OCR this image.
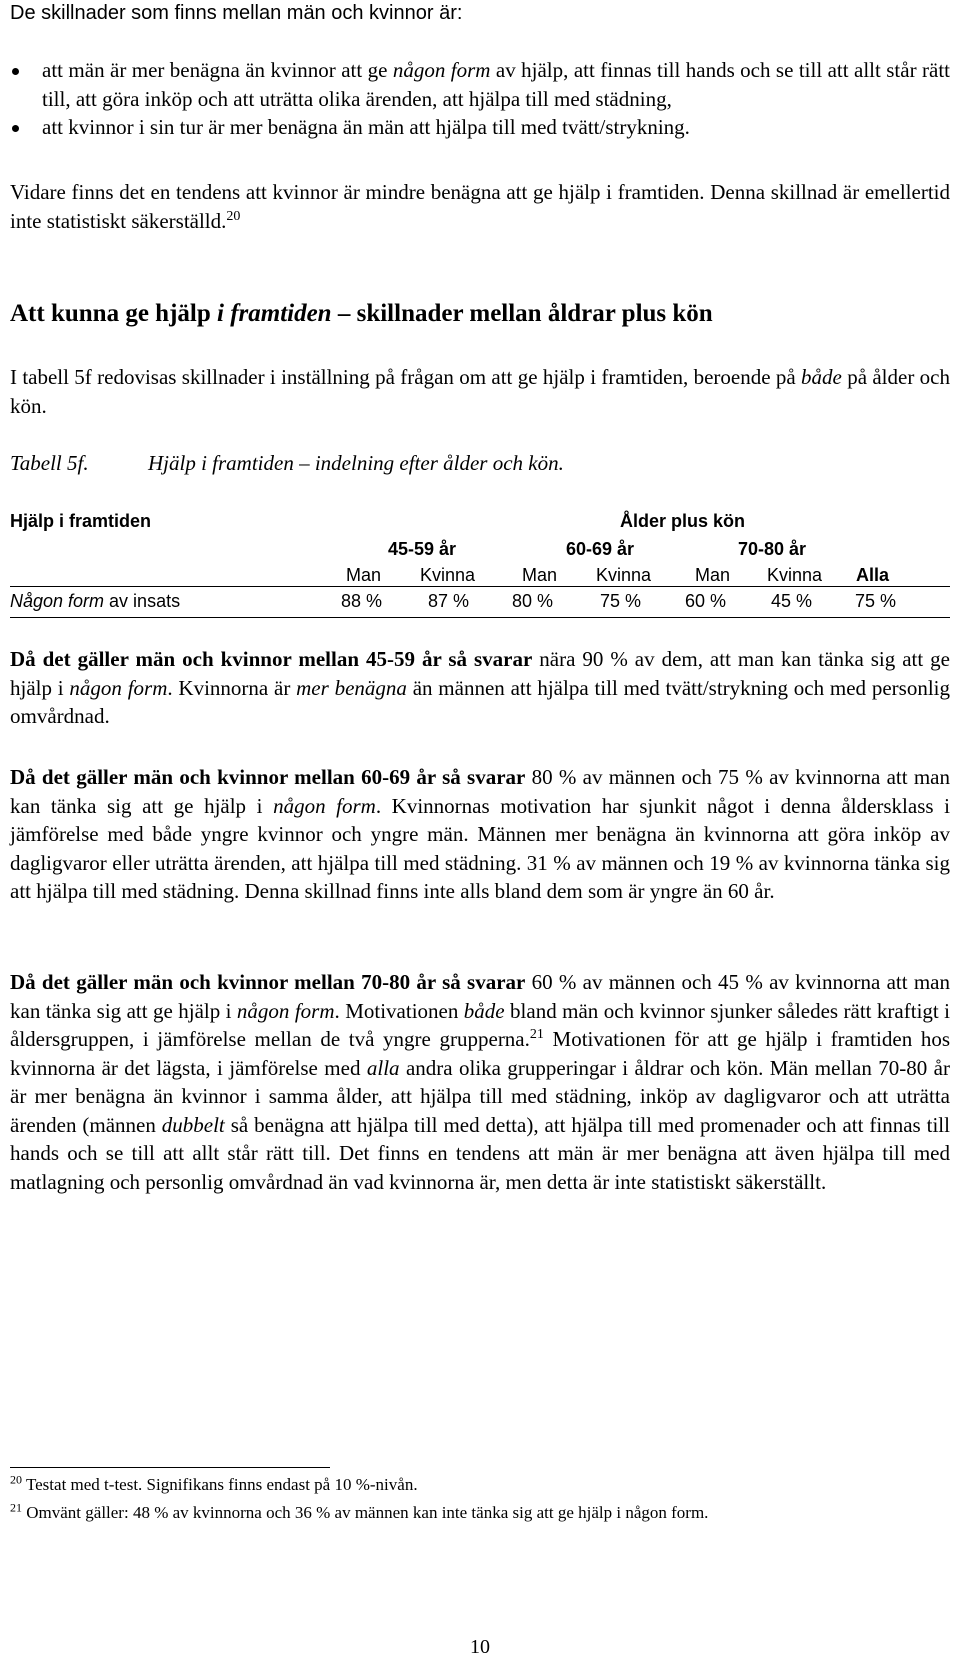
De skillnader som finns mellan män och kvinnor är:
att män är mer benägna än kvinnor att ge någon form av hjälp, att finnas till hands och se till att allt står rätt till, att göra inköp och att uträtta olika ärenden, att hjälpa till med städning,
att kvinnor i sin tur är mer benägna än män att hjälpa till med tvätt/strykning.

Vidare finns det en tendens att kvinnor är mindre benägna att ge hjälp i framtiden. Denna skillnad är emellertid inte statistiskt säkerställd.$^{20}$

Att kunna ge hjälp i framtiden – skillnader mellan åldrar plus kön

I tabell 5f redovisas skillnader i inställning på frågan om att ge hjälp i framtiden, beroende på både på ålder och kön.

Tabell 5f.	Hjälp i framtiden – indelning efter ålder och kön.
Hjälp i framtiden	Ålder plus kön
45-59 år	60-69 år	70-80 år
Man Kvinna	Man Kvinna Man Kvinna Alla
Någon form av insats	88 %	87 % 80 %	75 % 60 % 45 % 75 %

Då det gäller män och kvinnor mellan 45-59 år så svarar nära 90 % av dem, att man kan tänka sig att ge hjälp i någon form. Kvinnorna är mer benägna än männen att hjälpa till med tvätt/strykning och med personlig omvårdnad.

Då det gäller män och kvinnor mellan 60-69 år så svarar 80 % av männen och 75 % av kvinnorna att man kan tänka sig att ge hjälp i någon form. Kvinnornas motivation har sjunkit något i denna åldersklass i jämförelse med både yngre kvinnor och yngre män. Männen mer benägna än kvinnorna att göra inköp av dagligvaror eller uträtta ärenden, att hjälpa till med städning. 31 % av männen och 19 % av kvinnorna tänka sig att hjälpa till med städning. Denna skillnad finns inte alls bland dem som är yngre än 60 år.

Då det gäller män och kvinnor mellan 70-80 år så svarar 60 % av männen och 45 % av kvinnorna att man kan tänka sig att ge hjälp i någon form. Motivationen både bland män och kvinnor sjunker således rätt kraftigt i åldersgruppen, i jämförelse mellan de två yngre grupperna.$^{21}$ Motivationen för att ge hjälp i framtiden hos kvinnorna är det lägsta, i jämförelse med alla andra olika grupperingar i åldrar och kön. Män mellan 70-80 år är mer benägna än kvinnor i samma ålder, att hjälpa till med städning, inköp av dagligvaror och att uträtta ärenden (männen dubbelt så benägna att hjälpa till med detta), att hjälpa till med promenader och att finnas till hands och se till att allt står rätt till. Det finns en tendens att män är mer benägna att även hjälpa till med matlagning och personlig omvårdnad än vad kvinnorna är, men detta är inte statistiskt säkerställt.

$^{20}$ Testat med t-test. Signifikans finns endast på 10 %-nivån.
$^{21}$ Omvänt gäller: 48 % av kvinnorna och 36 % av männen kan inte tänka sig att ge hjälp i någon form.
10
